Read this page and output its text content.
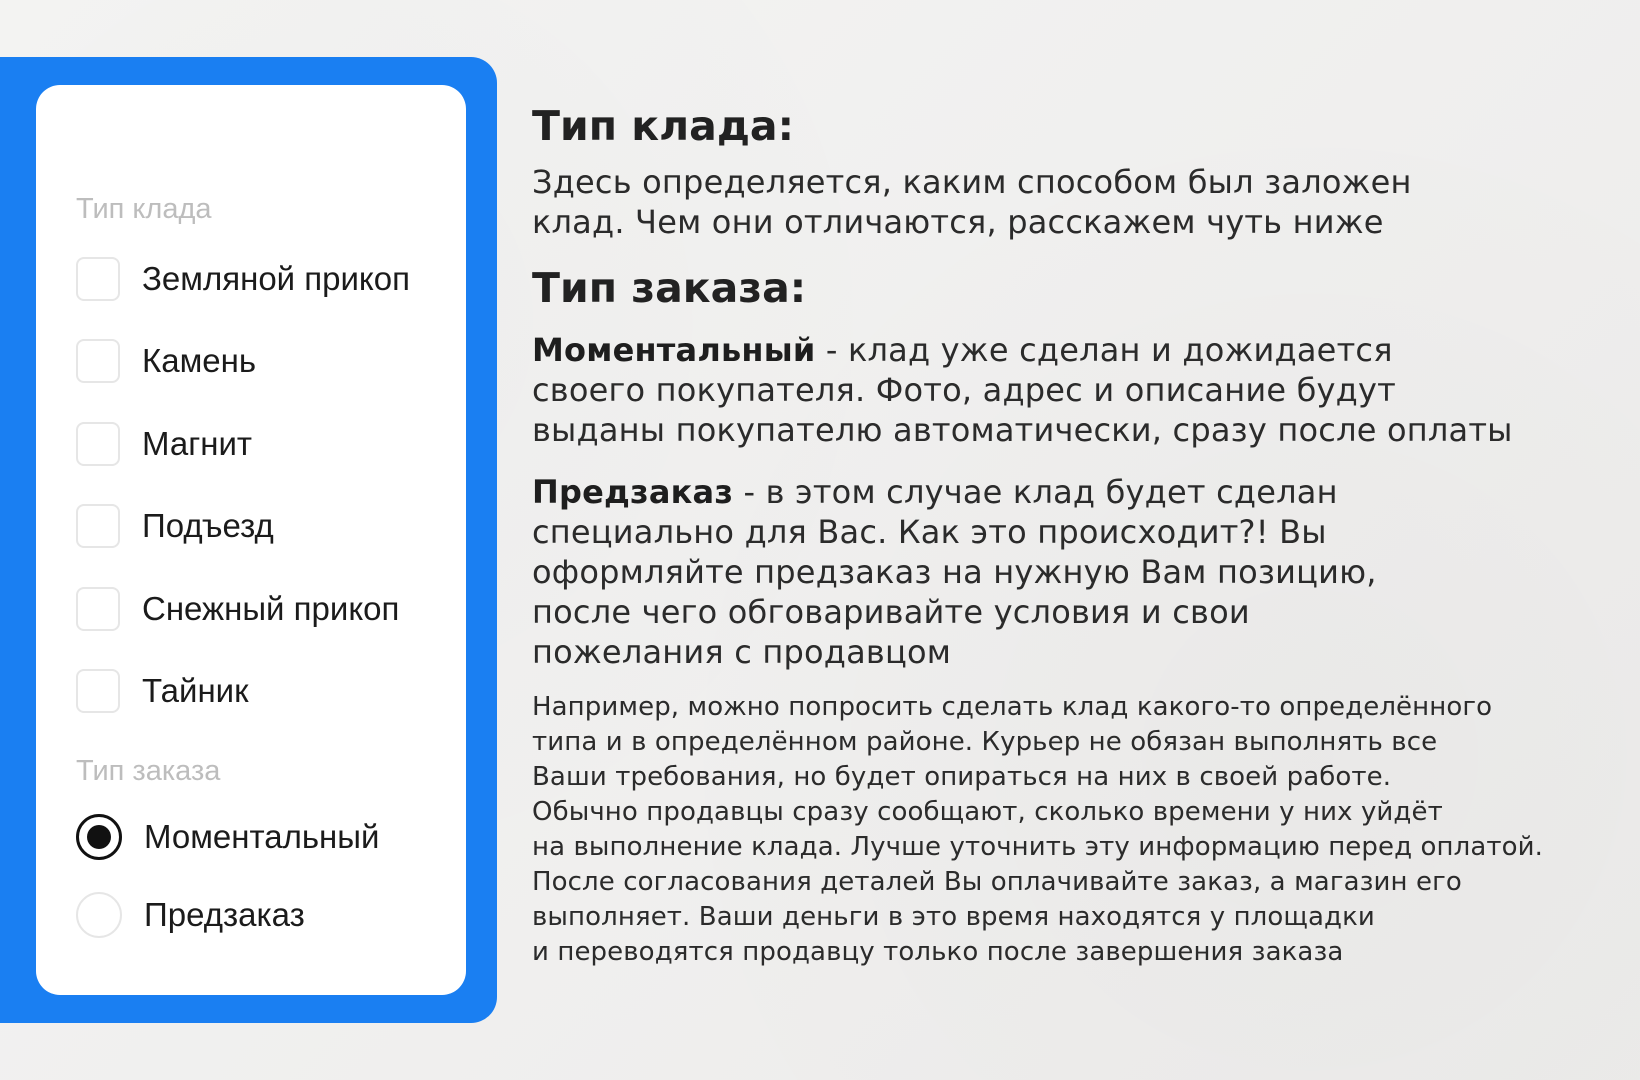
Тип клада
Земляной прикоп
Камень
Магнит
Подъезд
Снежный прикоп
Тайник
Тип заказа
Моментальный
Предзаказ
Тип клада:

Здесь определяется, каким способом был заложен

клад. Чем они отличаются, расскажем чуть ниже

Тип заказа:

Моментальный - клад уже сделан и дожидается

своего покупателя. Фото, адрес и описание будут

выданы покупателю автоматически, сразу после оплаты

Предзаказ - в этом случае клад будет сделан

специально для Вас. Как это происходит?! Вы

оформляйте предзаказ на нужную Вам позицию,

после чего обговаривайте условия и свои

пожелания с продавцом

Например, можно попросить сделать клад какого-то определённого

типа и в определённом районе. Курьер не обязан выполнять все

Ваши требования, но будет опираться на них в своей работе.

Обычно продавцы сразу сообщают, сколько времени у них уйдёт

на выполнение клада. Лучше уточнить эту информацию перед оплатой.

После согласования деталей Вы оплачивайте заказ, а магазин его

выполняет. Ваши деньги в это время находятся у площадки

и переводятся продавцу только после завершения заказа
